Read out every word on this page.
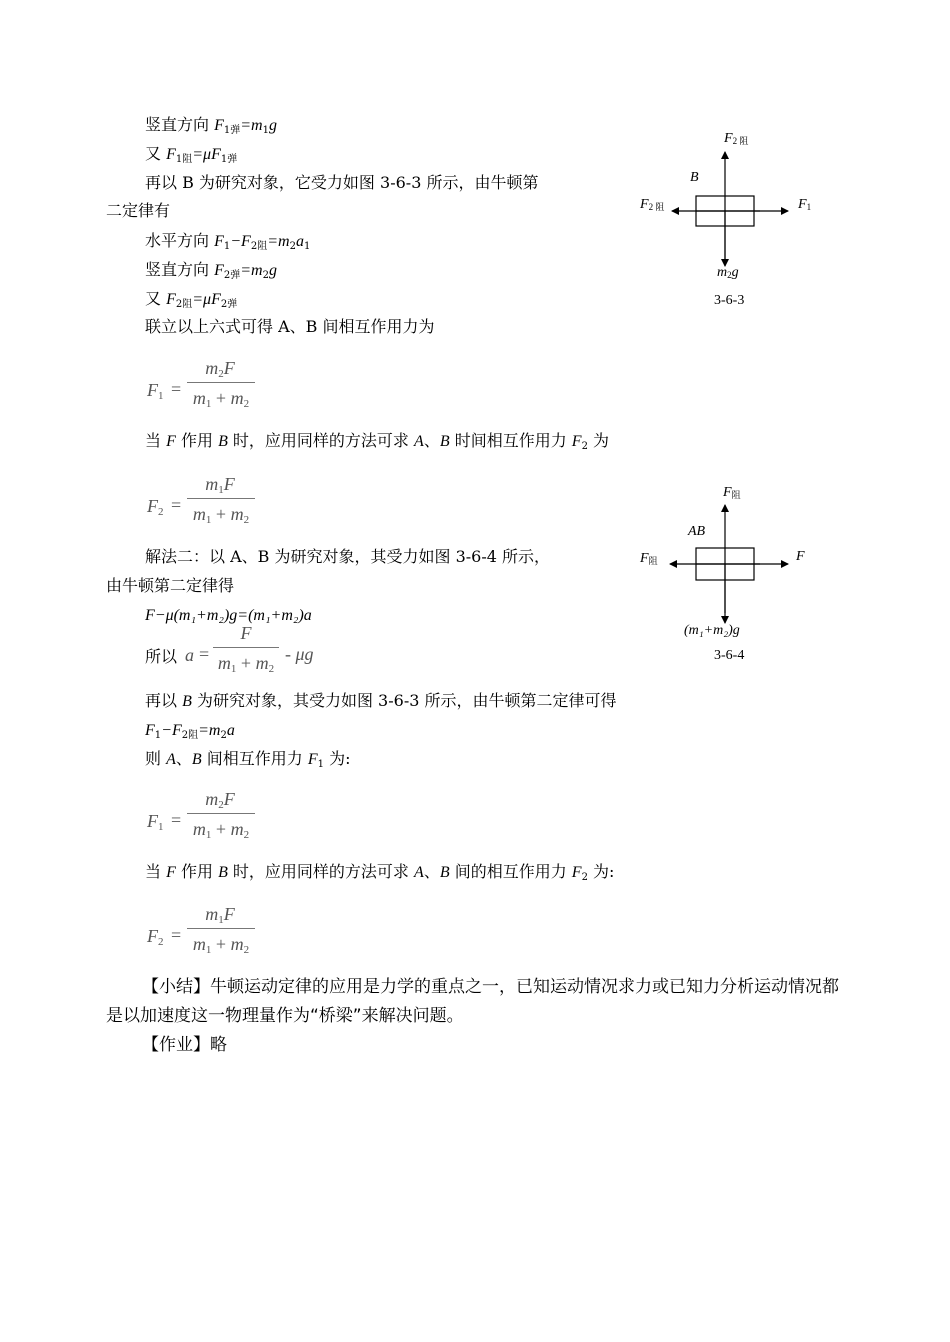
竖直方向 $F_{1弹}=m_1g$
又 $F_{1阻}=\mu F_{1弹}$
再以 B 为研究对象，它受力如图 3-6-3 所示，由牛顿第
二定律有
水平方向 $F_1-F_{2阻}=m_2a_1$
竖直方向 $F_{2弹}=m_2g$
又 $F_{2阻}=\mu F_{2弹}$
联立以上六式可得 A、B 间相互作用力为
$F_1$ =
$m_2F$
$m_1 + m_2$
当 F 作用 B 时，应用同样的方法可求 A、B 时间相互作用力 $F_2$ 为
$F_2$ =
$m_1F$
$m_1 + m_2$
解法二：以 A、B 为研究对象，其受力如图 3-6-4 所示，
由牛顿第二定律得
F−μ(m₁+m₂)g=(m₁+m₂)a
所以 a =
F
$m_1 + m_2$
- μg
再以 B 为研究对象，其受力如图 3-6-3 所示，由牛顿第二定律可得
$F_1-F_{2阻}=m_2a$
则 A、B 间相互作用力 $F_1$ 为:
$F_1$ =
$m_2F$
$m_1 + m_2$
当 F 作用 B 时，应用同样的方法可求 A、B 间的相互作用力 $F_2$ 为:
$F_2$ =
$m_1F$
$m_1 + m_2$
【小结】牛顿运动定律的应用是力学的重点之一，已知运动情况求力或已知力分析运动情况都是以加速度这一物理量作为“桥梁”来解决问题。
【作业】略
$F_{2 阻}$
B
$F_{2 阻}$	$F_1$
$m_2g$
3-6-3
$F_阻$
AB
$F_阻$	F
(m₁+m₂)g
3-6-4
